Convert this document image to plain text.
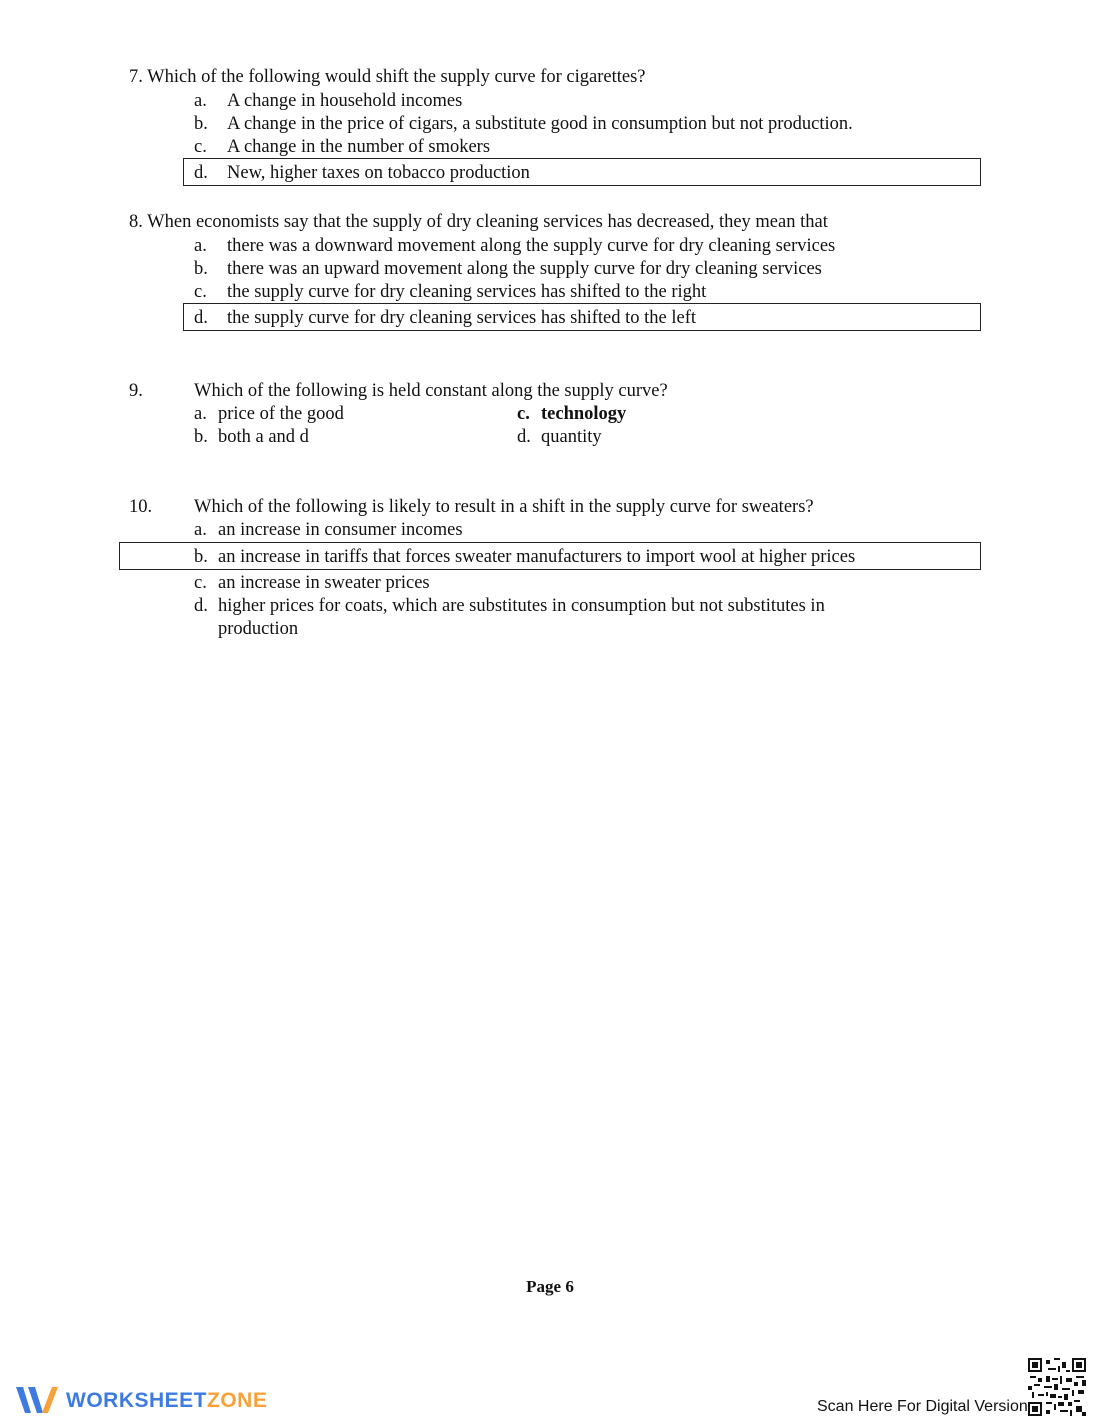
7. Which of the following would shift the supply curve for cigarettes?
a. A change in household incomes
b. A change in the price of cigars, a substitute good in consumption but not production.
c. A change in the number of smokers
d. New, higher taxes on tobacco production
8. When economists say that the supply of dry cleaning services has decreased, they mean that
a. there was a downward movement along the supply curve for dry cleaning services
b. there was an upward movement along the supply curve for dry cleaning services
c. the supply curve for dry cleaning services has shifted to the right
d. the supply curve for dry cleaning services has shifted to the left
9.	Which of the following is held constant along the supply curve?
a. price of the good	c. technology
b. both a and d	d. quantity
10. Which of the following is likely to result in a shift in the supply curve for sweaters?
a. an increase in consumer incomes
b. an increase in tariffs that forces sweater manufacturers to import wool at higher prices
c. an increase in sweater prices
d. higher prices for coats, which are substitutes in consumption but not substitutes in
production
Page 6
WORKSHEETZONE	Scan Here For Digital Version
